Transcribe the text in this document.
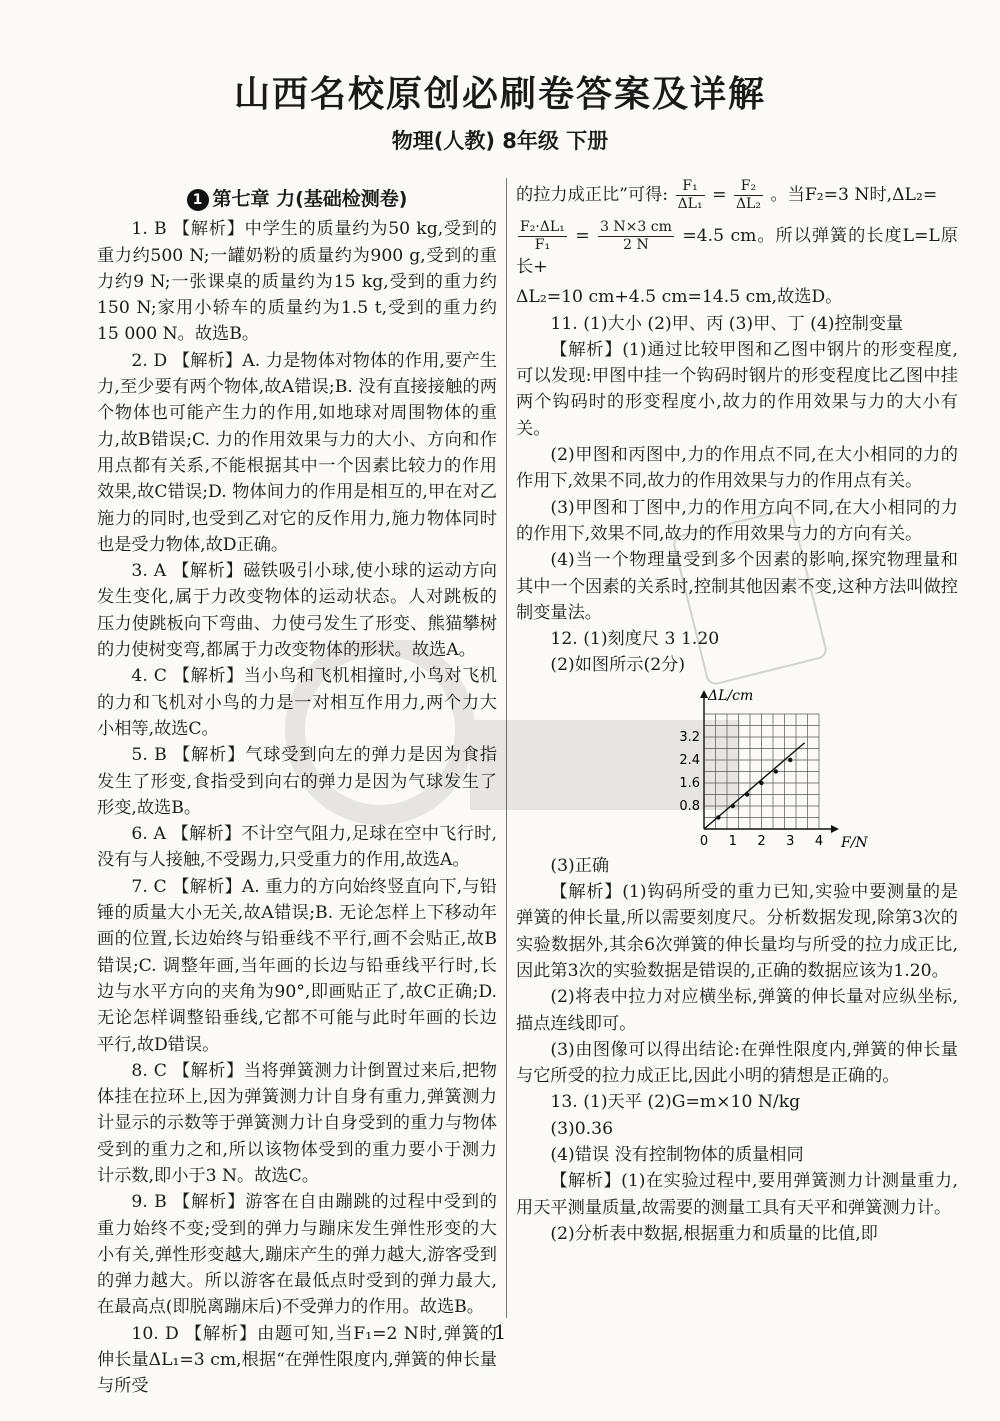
山西名校原创必刷卷答案及详解
物理(人教) 8年级 下册

1 第七章 力(基础检测卷)

1. B 【解析】中学生的质量约为50 kg,受到的重力约500 N;一罐奶粉的质量约为900 g,受到的重力约9 N;一张课桌的质量约为15 kg,受到的重力约150 N;家用小轿车的质量约为1.5 t,受到的重力约15 000 N。故选B。

2. D 【解析】A. 力是物体对物体的作用,要产生力,至少要有两个物体,故A错误;B. 没有直接接触的两个物体也可能产生力的作用,如地球对周围物体的重力,故B错误;C. 力的作用效果与力的大小、方向和作用点都有关系,不能根据其中一个因素比较力的作用效果,故C错误;D. 物体间力的作用是相互的,甲在对乙施力的同时,也受到乙对它的反作用力,施力物体同时也是受力物体,故D正确。

3. A 【解析】磁铁吸引小球,使小球的运动方向发生变化,属于力改变物体的运动状态。人对跳板的压力使跳板向下弯曲、力使弓发生了形变、熊猫攀树的力使树变弯,都属于力改变物体的形状。故选A。

4. C 【解析】当小鸟和飞机相撞时,小鸟对飞机的力和飞机对小鸟的力是一对相互作用力,两个力大小相等,故选C。

5. B 【解析】气球受到向左的弹力是因为食指发生了形变,食指受到向右的弹力是因为气球发生了形变,故选B。

6. A 【解析】不计空气阻力,足球在空中飞行时,没有与人接触,不受踢力,只受重力的作用,故选A。

7. C 【解析】A. 重力的方向始终竖直向下,与铅锤的质量大小无关,故A错误;B. 无论怎样上下移动年画的位置,长边始终与铅垂线不平行,画不会贴正,故B错误;C. 调整年画,当年画的长边与铅垂线平行时,长边与水平方向的夹角为90°,即画贴正了,故C正确;D. 无论怎样调整铅垂线,它都不可能与此时年画的长边平行,故D错误。

8. C 【解析】当将弹簧测力计倒置过来后,把物体挂在拉环上,因为弹簧测力计自身有重力,弹簧测力计显示的示数等于弹簧测力计自身受到的重力与物体受到的重力之和,所以该物体受到的重力要小于测力计示数,即小于3 N。故选C。

9. B 【解析】游客在自由蹦跳的过程中受到的重力始终不变;受到的弹力与蹦床发生弹性形变的大小有关,弹性形变越大,蹦床产生的弹力越大,游客受到的弹力越大。所以游客在最低点时受到的弹力最大,在最高点(即脱离蹦床后)不受弹力的作用。故选B。

10. D 【解析】由题可知,当F₁=2 N时,弹簧的伸长量ΔL₁=3 cm,根据“在弹性限度内,弹簧的伸长量与所受

的拉力成正比”可得: $\frac{\text{F₁}}{\text{ΔL₁}} = \frac{\text{F₂}}{\text{ΔL₂}}$ 。当F₂=3 N时,ΔL₂=

$\frac{\text{F₂·ΔL₁}}{\text{F₁}} = \frac{3 N\times 3 cm}{2 N} =4.5$ cm。所以弹簧的长度L=L原长+

ΔL₂=10 cm+4.5 cm=14.5 cm,故选D。

11. (1)大小 (2)甲、丙 (3)甲、丁 (4)控制变量

【解析】(1)通过比较甲图和乙图中钢片的形变程度,可以发现:甲图中挂一个钩码时钢片的形变程度比乙图中挂两个钩码时的形变程度小,故力的作用效果与力的大小有关。

(2)甲图和丙图中,力的作用点不同,在大小相同的力的作用下,效果不同,故力的作用效果与力的作用点有关。

(3)甲图和丁图中,力的作用方向不同,在大小相同的力的作用下,效果不同,故力的作用效果与力的方向有关。

(4)当一个物理量受到多个因素的影响,探究物理量和其中一个因素的关系时,控制其他因素不变,这种方法叫做控制变量法。

12. (1)刻度尺 3 1.20

(2)如图所示(2分)

0 1 2 3 4
0.8
1.6
2.4
3.2
F/N
ΔL/cm

(3)正确

【解析】(1)钩码所受的重力已知,实验中要测量的是弹簧的伸长量,所以需要刻度尺。分析数据发现,除第3次的实验数据外,其余6次弹簧的伸长量均与所受的拉力成正比,因此第3次的实验数据是错误的,正确的数据应该为1.20。

(2)将表中拉力对应横坐标,弹簧的伸长量对应纵坐标,描点连线即可。

(3)由图像可以得出结论:在弹性限度内,弹簧的伸长量与它所受的拉力成正比,因此小明的猜想是正确的。

13. (1)天平 (2)G=m×10 N/kg

(3)0.36

(4)错误 没有控制物体的质量相同

【解析】(1)在实验过程中,要用弹簧测力计测量重力,用天平测量质量,故需要的测量工具有天平和弹簧测力计。

(2)分析表中数据,根据重力和质量的比值,即

1
